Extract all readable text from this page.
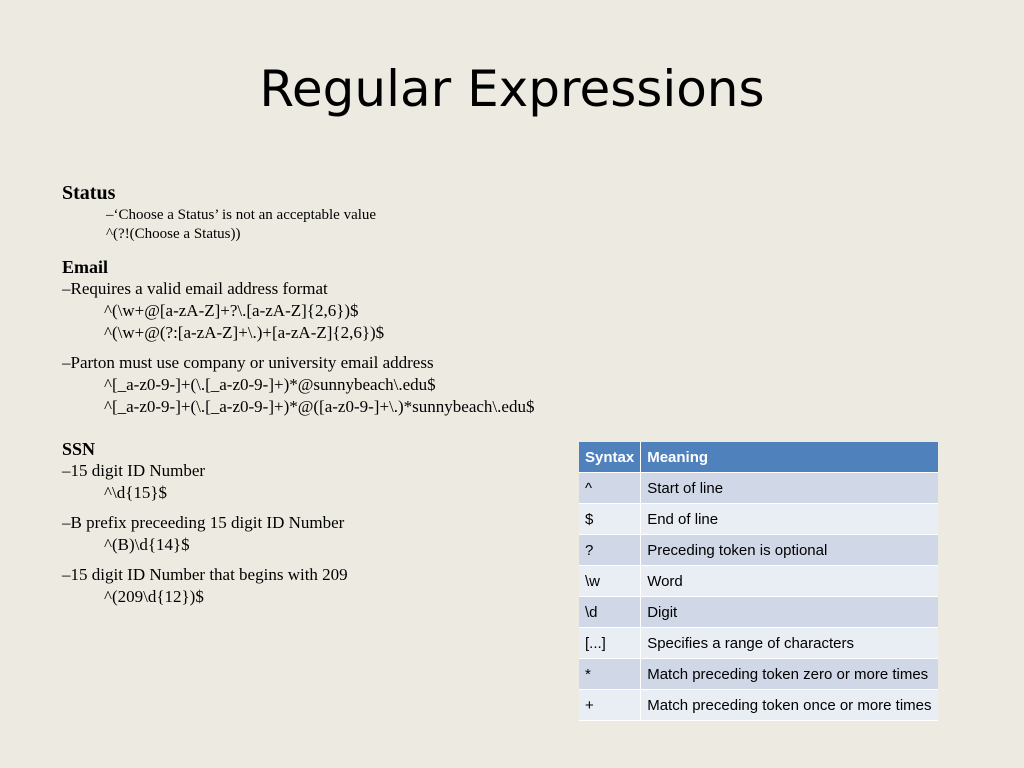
Regular Expressions
Status
–‘Choose a Status’ is not an acceptable value
^(?!(Choose a Status))
Email
–Requires a valid email address format
^(\w+@[a-zA-Z]+?\.[a-zA-Z]{2,6})$
^(\w+@(?:[a-zA-Z]+\.)+[a-zA-Z]{2,6})$
–Parton must use company or university email address
^[_a-z0-9-]+(\.[_a-z0-9-]+)*@sunnybeach\.edu$
^[_a-z0-9-]+(\.[_a-z0-9-]+)*@([a-z0-9-]+\.)*sunnybeach\.edu$
SSN
–15 digit ID Number
^\d{15}$
–B prefix preceeding 15 digit ID Number
^(B)\d{14}$
–15 digit ID Number that begins with 209
^(209\d{12})$
Syntax	Meaning
^	Start of line
$	End of line
?	Preceding token is optional
\w	Word
\d	Digit
[...]	Specifies a range of characters
*	Match preceding token zero or more times
+	Match preceding token once or more times
